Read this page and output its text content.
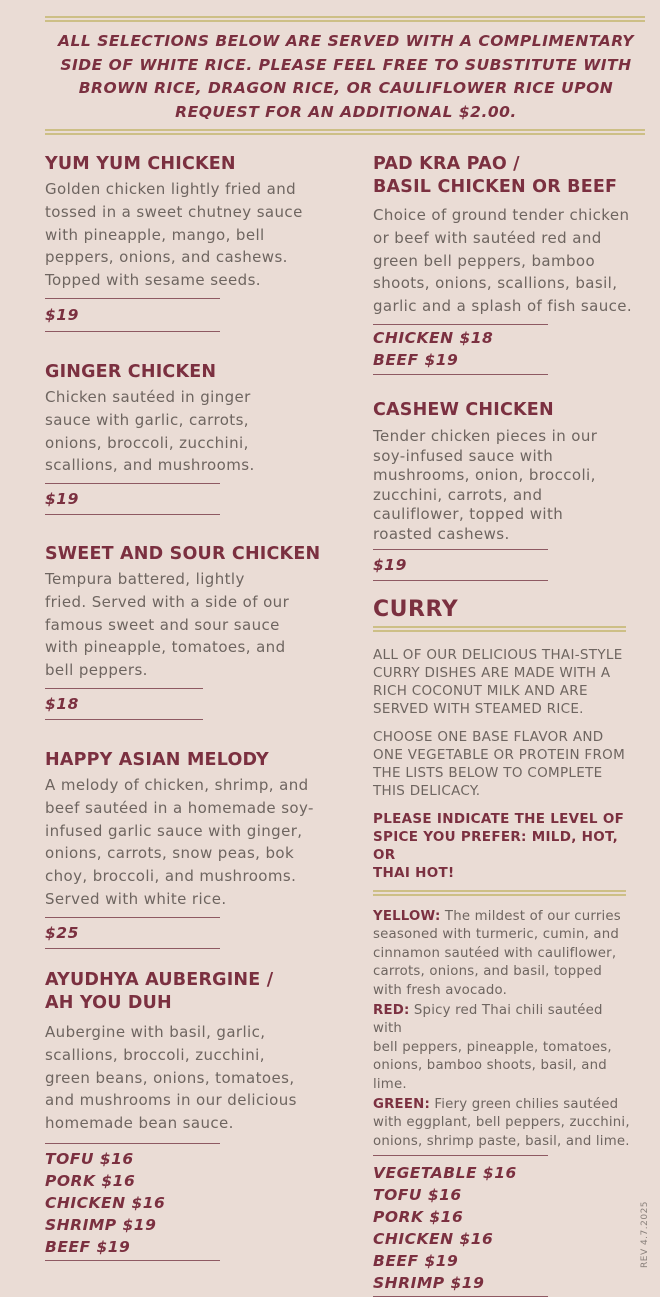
ALL SELECTIONS BELOW ARE SERVED WITH A COMPLIMENTARY
SIDE OF WHITE RICE. PLEASE FEEL FREE TO SUBSTITUTE WITH
BROWN RICE, DRAGON RICE, OR CAULIFLOWER RICE UPON
REQUEST FOR AN ADDITIONAL $2.00.
YUM YUM CHICKEN
Golden chicken lightly fried and
tossed in a sweet chutney sauce
with pineapple, mango, bell
peppers, onions, and cashews.
Topped with sesame seeds.
$19
GINGER CHICKEN
Chicken sautéed in ginger
sauce with garlic, carrots,
onions, broccoli, zucchini,
scallions, and mushrooms.
$19
SWEET AND SOUR CHICKEN
Tempura battered, lightly
fried. Served with a side of our
famous sweet and sour sauce
with pineapple, tomatoes, and
bell peppers.
$18
HAPPY ASIAN MELODY
A melody of chicken, shrimp, and
beef sautéed in a homemade soy-
infused garlic sauce with ginger,
onions, carrots, snow peas, bok
choy, broccoli, and mushrooms.
Served with white rice.
$25
AYUDHYA AUBERGINE /
AH YOU DUH
Aubergine with basil, garlic,
scallions, broccoli, zucchini,
green beans, onions, tomatoes,
and mushrooms in our delicious
homemade bean sauce.
TOFU $16
PORK $16
CHICKEN $16
SHRIMP $19
BEEF $19
PAD KRA PAO /
BASIL CHICKEN OR BEEF
Choice of ground tender chicken
or beef with sautéed red and
green bell peppers, bamboo
shoots, onions, scallions, basil,
garlic and a splash of fish sauce.
CHICKEN $18
BEEF $19
CASHEW CHICKEN
Tender chicken pieces in our
soy-infused sauce with
mushrooms, onion, broccoli,
zucchini, carrots, and
cauliflower, topped with
roasted cashews.
$19
CURRY
ALL OF OUR DELICIOUS THAI-STYLE
CURRY DISHES ARE MADE WITH A
RICH COCONUT MILK AND ARE
SERVED WITH STEAMED RICE.
CHOOSE ONE BASE FLAVOR AND
ONE VEGETABLE OR PROTEIN FROM
THE LISTS BELOW TO COMPLETE
THIS DELICACY.
PLEASE INDICATE THE LEVEL OF
SPICE YOU PREFER: MILD, HOT, OR
THAI HOT!
YELLOW: The mildest of our curries
seasoned with turmeric, cumin, and
cinnamon sautéed with cauliflower,
carrots, onions, and basil, topped
with fresh avocado.
RED: Spicy red Thai chili sautéed with
bell peppers, pineapple, tomatoes,
onions, bamboo shoots, basil, and
lime.
GREEN: Fiery green chilies sautéed
with eggplant, bell peppers, zucchini,
onions, shrimp paste, basil, and lime.
VEGETABLE $16
TOFU $16
PORK $16
CHICKEN $16
BEEF $19
SHRIMP $19
REV 4.7.2025
